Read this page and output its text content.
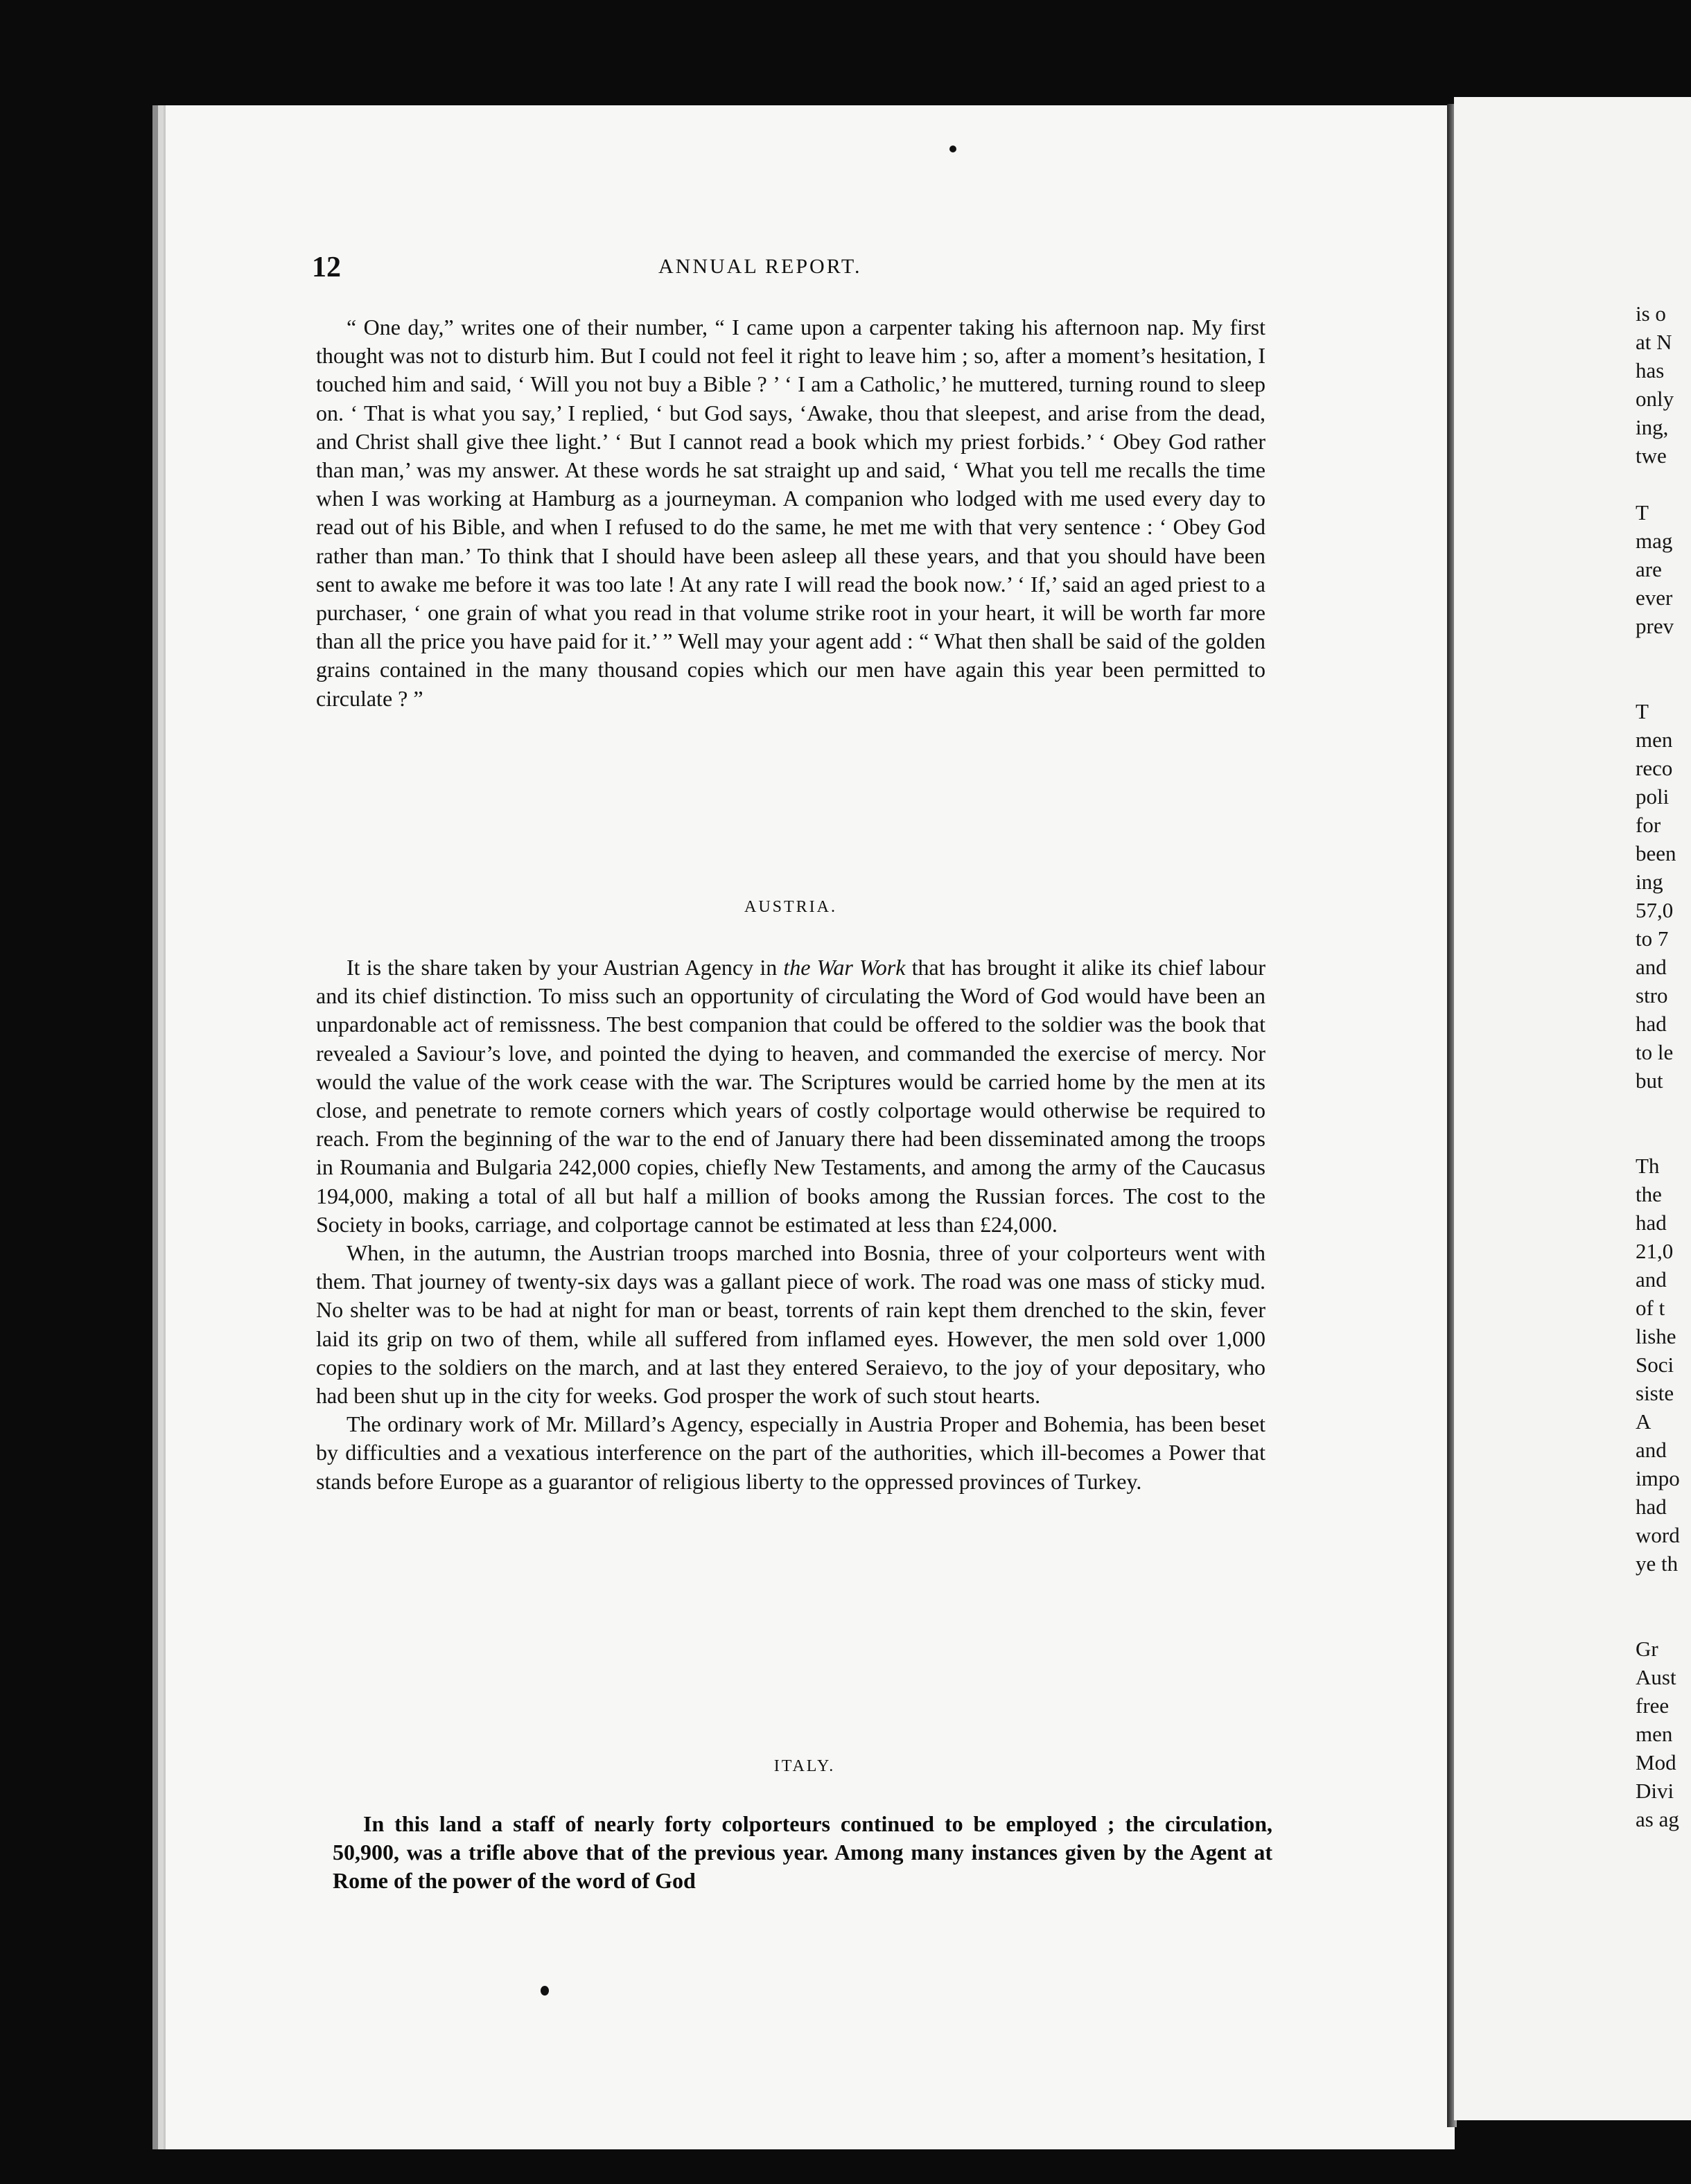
12	ANNUAL REPORT.

“ One day,” writes one of their number, “ I came upon a carpenter taking his afternoon nap. My first thought was not to disturb him. But I could not feel it right to leave him ; so, after a moment’s hesitation, I touched him and said, ‘ Will you not buy a Bible ? ’ ‘ I am a Catholic,’ he muttered, turning round to sleep on. ‘ That is what you say,’ I replied, ‘ but God says, ‘Awake, thou that sleepest, and arise from the dead, and Christ shall give thee light.’ ‘ But I cannot read a book which my priest forbids.’ ‘ Obey God rather than man,’ was my answer. At these words he sat straight up and said, ‘ What you tell me recalls the time when I was working at Hamburg as a journeyman. A companion who lodged with me used every day to read out of his Bible, and when I refused to do the same, he met me with that very sentence : ‘ Obey God rather than man.’ To think that I should have been asleep all these years, and that you should have been sent to awake me before it was too late ! At any rate I will read the book now.’ ‘ If,’ said an aged priest to a purchaser, ‘ one grain of what you read in that volume strike root in your heart, it will be worth far more than all the price you have paid for it.’ ” Well may your agent add : “ What then shall be said of the golden grains contained in the many thousand copies which our men have again this year been permitted to circulate ? ”

AUSTRIA.

It is the share taken by your Austrian Agency in the War Work that has brought it alike its chief labour and its chief distinction. To miss such an opportunity of circulating the Word of God would have been an unpardonable act of remissness. The best companion that could be offered to the soldier was the book that revealed a Saviour’s love, and pointed the dying to heaven, and commanded the exercise of mercy. Nor would the value of the work cease with the war. The Scriptures would be carried home by the men at its close, and penetrate to remote corners which years of costly colportage would otherwise be required to reach. From the beginning of the war to the end of January there had been disseminated among the troops in Roumania and Bulgaria 242,000 copies, chiefly New Testaments, and among the army of the Caucasus 194,000, making a total of all but half a million of books among the Russian forces. The cost to the Society in books, carriage, and colportage cannot be estimated at less than £24,000.

When, in the autumn, the Austrian troops marched into Bosnia, three of your colporteurs went with them. That journey of twenty-six days was a gallant piece of work. The road was one mass of sticky mud. No shelter was to be had at night for man or beast, torrents of rain kept them drenched to the skin, fever laid its grip on two of them, while all suffered from inflamed eyes. However, the men sold over 1,000 copies to the soldiers on the march, and at last they entered Seraievo, to the joy of your depositary, who had been shut up in the city for weeks. God prosper the work of such stout hearts.

The ordinary work of Mr. Millard’s Agency, especially in Austria Proper and Bohemia, has been beset by difficulties and a vexatious interference on the part of the authorities, which ill-becomes a Power that stands before Europe as a guarantor of religious liberty to the oppressed provinces of Turkey.

ITALY.

In this land a staff of nearly forty colporteurs continued to be employed ; the circulation, 50,900, was a trifle above that of the previous year. Among many instances given by the Agent at Rome of the power of the word of God

is o
at N
has
only
ing,
twe

T
mag
are
ever
prev

T
men
reco
poli
for
been
ing
57,0
to 7
and
stro
had
to le
but

Th
the
had
21,0
and
of t
lishe
Soci
siste
A
and
impo
had
word
ye th

Gr
Aust
free
men
Mod
Divi
as ag
